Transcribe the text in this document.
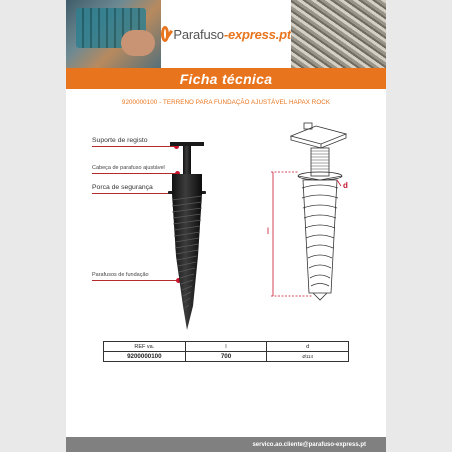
Parafuso-express.pt
Ficha técnica
9200000100 - TERRENO PARA FUNDAÇÃO AJUSTÁVEL HAPAX ROCK
Suporte de registo
Cabeça de parafuso ajustável
Porca de segurança
Parafusos de fundação
l
d
REF va.	l	d
9200000100	700	Ø114
servico.ao.cliente@parafuso-express.pt
